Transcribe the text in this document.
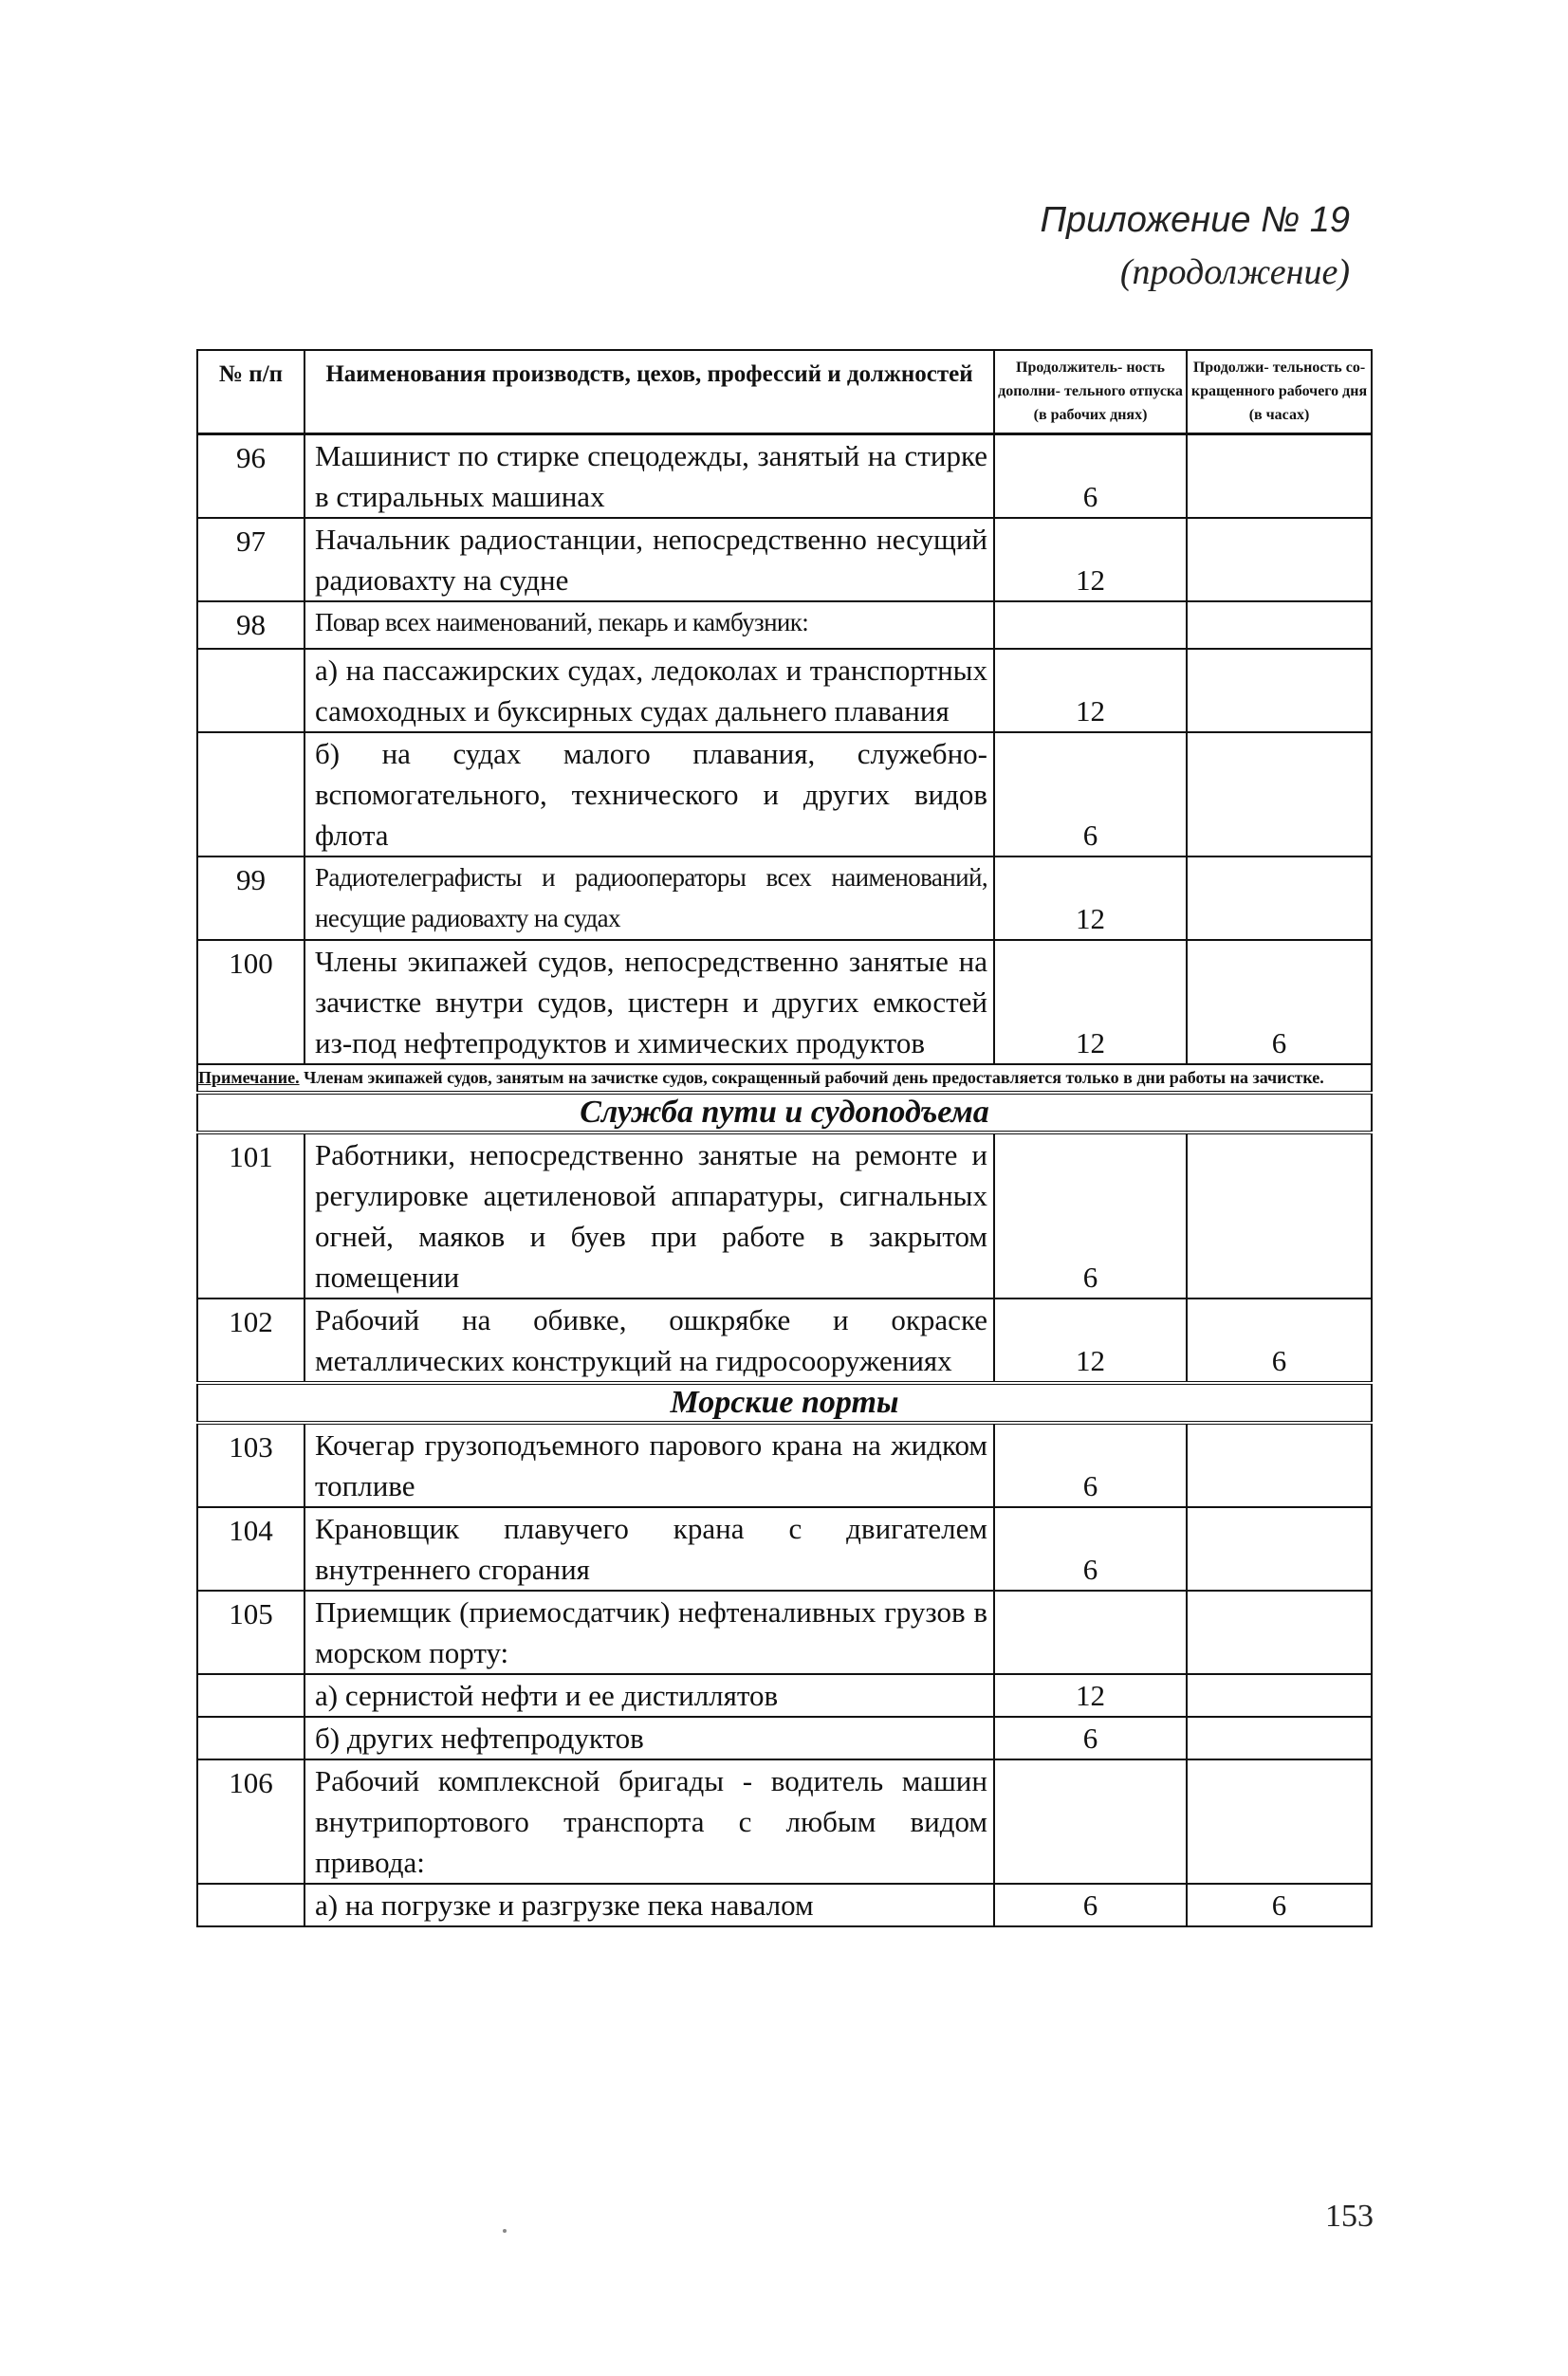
Приложение № 19
(продолжение)
№ п/п	Наименования производств, цехов, профессий и должностей	Продолжитель- ность дополни- тельного отпуска (в рабочих днях)	Продолжи- тельность со- кращенного рабочего дня (в часах)

96	Машинист по стирке спецодежды, занятый на стирке в стиральных машинах	6	

97	Начальник радиостанции, непосредственно несущий радиовахту на судне	12	

98	Повар всех наименований, пекарь и камбузник:		

	а) на пассажирских судах, ледоколах и транспортных самоходных и буксирных судах дальнего плавания	12	

	б) на судах малого плавания, служебно-вспомогательного, технического и других видов флота	6	

99	Радиотелеграфисты и радиооператоры всех наименований, несущие радиовахту на судах	12	

100	Члены экипажей судов, непосредственно занятые на зачистке внутри судов, цистерн и других емкостей из-под нефтепродуктов и химических продуктов	12	6

Примечание. Членам экипажей судов, занятым на зачистке судов, сокращенный рабочий день предоставляется только в дни работы на зачистке.			
Служба пути и судоподъема			

101	Работники, непосредственно занятые на ремонте и регулировке ацетиленовой аппаратуры, сигнальных огней, маяков и буев при работе в закрытом помещении	6	

102	Рабочий на обивке, ошкрябке и окраске металлических конструкций на гидросооружениях	12	6

Морские порты			

103	Кочегар грузоподъемного парового крана на жидком топливе	6	

104	Крановщик плавучего крана с двигателем внутреннего сгорания	6	

105	Приемщик (приемосдатчик) нефтеналивных грузов в морском порту:		

	а) сернистой нефти и ее дистиллятов	12	

	б) других нефтепродуктов	6	

106	Рабочий комплексной бригады - водитель машин внутрипортового транспорта с любым видом привода:		

	а) на погрузке и разгрузке пека навалом	6	6
153
